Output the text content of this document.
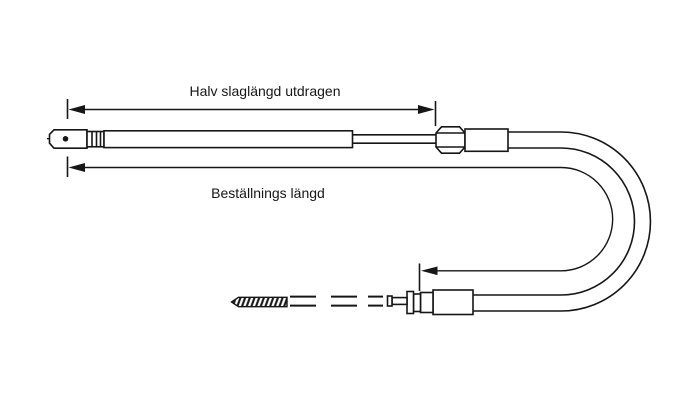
Halv slaglängd utdragen
Beställnings längd
